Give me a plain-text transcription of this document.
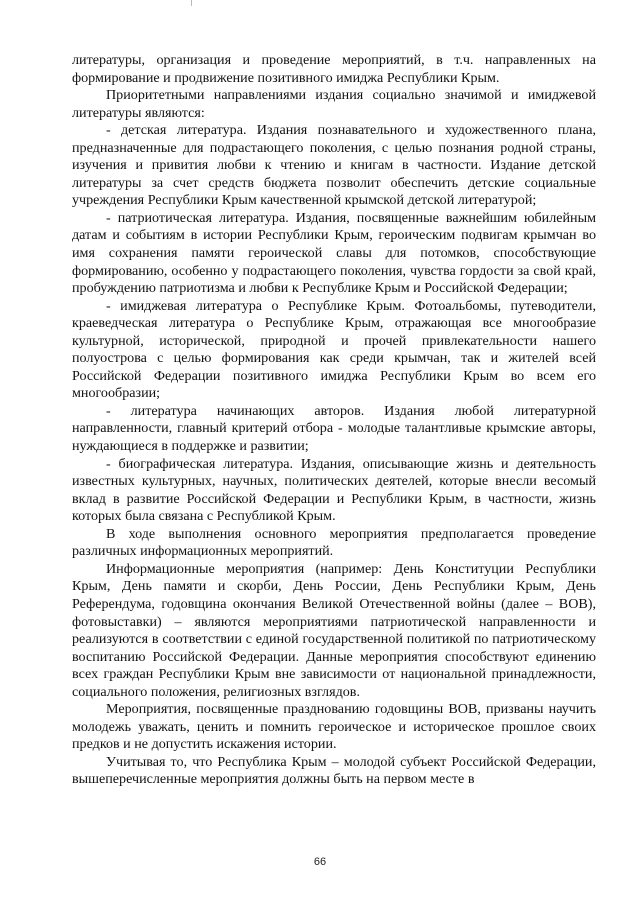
литературы, организация и проведение мероприятий, в т.ч. направленных на формирование и продвижение позитивного имиджа Республики Крым.

Приоритетными направлениями издания социально значимой и имиджевой литературы являются:

- детская литература. Издания познавательного и художественного плана, предназначенные для подрастающего поколения, с целью познания родной страны, изучения и привития любви к чтению и книгам в частности. Издание детской литературы за счет средств бюджета позволит обеспечить детские социальные учреждения Республики Крым качественной крымской детской литературой;

- патриотическая литература. Издания, посвященные важнейшим юбилейным датам и событиям в истории Республики Крым, героическим подвигам крымчан во имя сохранения памяти героической славы для потомков, способствующие формированию, особенно у подрастающего поколения, чувства гордости за свой край, пробуждению патриотизма и любви к Республике Крым и Российской Федерации;

- имиджевая литература о Республике Крым. Фотоальбомы, путеводители, краеведческая литература о Республике Крым, отражающая все многообразие культурной, исторической, природной и прочей привлекательности нашего полуострова с целью формирования как среди крымчан, так и жителей всей Российской Федерации позитивного имиджа Республики Крым во всем его многообразии;

- литература начинающих авторов. Издания любой литературной направленности, главный критерий отбора - молодые талантливые крымские авторы, нуждающиеся в поддержке и развитии;

- биографическая литература. Издания, описывающие жизнь и деятельность известных культурных, научных, политических деятелей, которые внесли весомый вклад в развитие Российской Федерации и Республики Крым, в частности, жизнь которых была связана с Республикой Крым.

В ходе выполнения основного мероприятия предполагается проведение различных информационных мероприятий.

Информационные мероприятия (например: День Конституции Республики Крым, День памяти и скорби, День России, День Республики Крым, День Референдума, годовщина окончания Великой Отечественной войны (далее – ВОВ), фотовыставки) – являются мероприятиями патриотической направленности и реализуются в соответствии с единой государственной политикой по патриотическому воспитанию Российской Федерации. Данные мероприятия способствуют единению всех граждан Республики Крым вне зависимости от национальной принадлежности, социального положения, религиозных взглядов.

Мероприятия, посвященные празднованию годовщины ВОВ, призваны научить молодежь уважать, ценить и помнить героическое и историческое прошлое своих предков и не допустить искажения истории.

Учитывая то, что Республика Крым – молодой субъект Российской Федерации, вышеперечисленные мероприятия должны быть на первом месте в

66
